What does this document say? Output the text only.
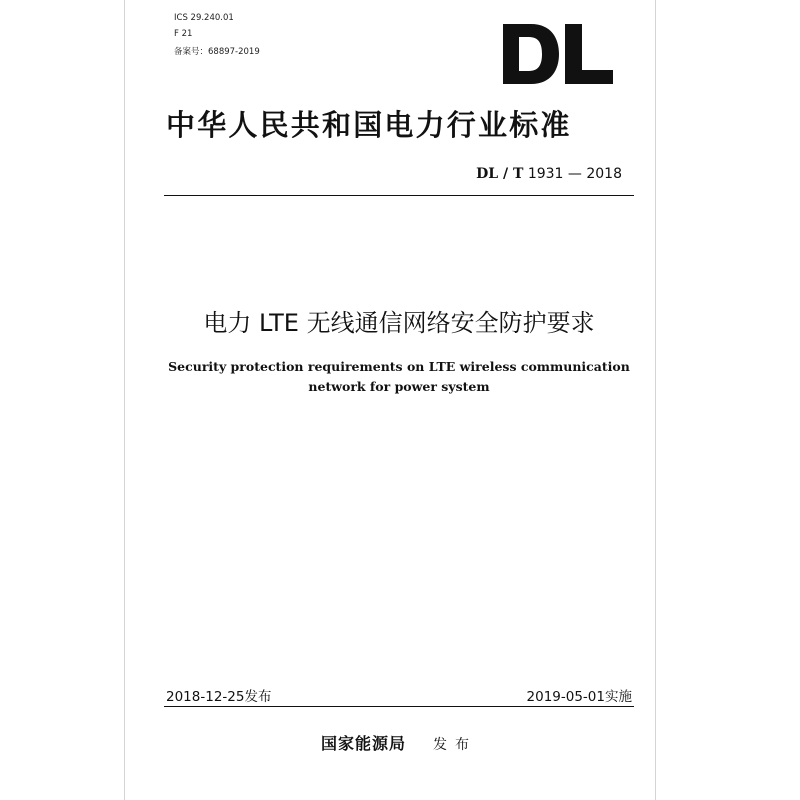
ICS 29.240.01
F 21
备案号：68897-2019
中华人民共和国电力行业标准
DL / T 1931 — 2018
电力 LTE 无线通信网络安全防护要求
Security protection requirements on LTE wireless communication
network for power system
2018-12-25发布	2019-05-01实施
国家能源局 发布
